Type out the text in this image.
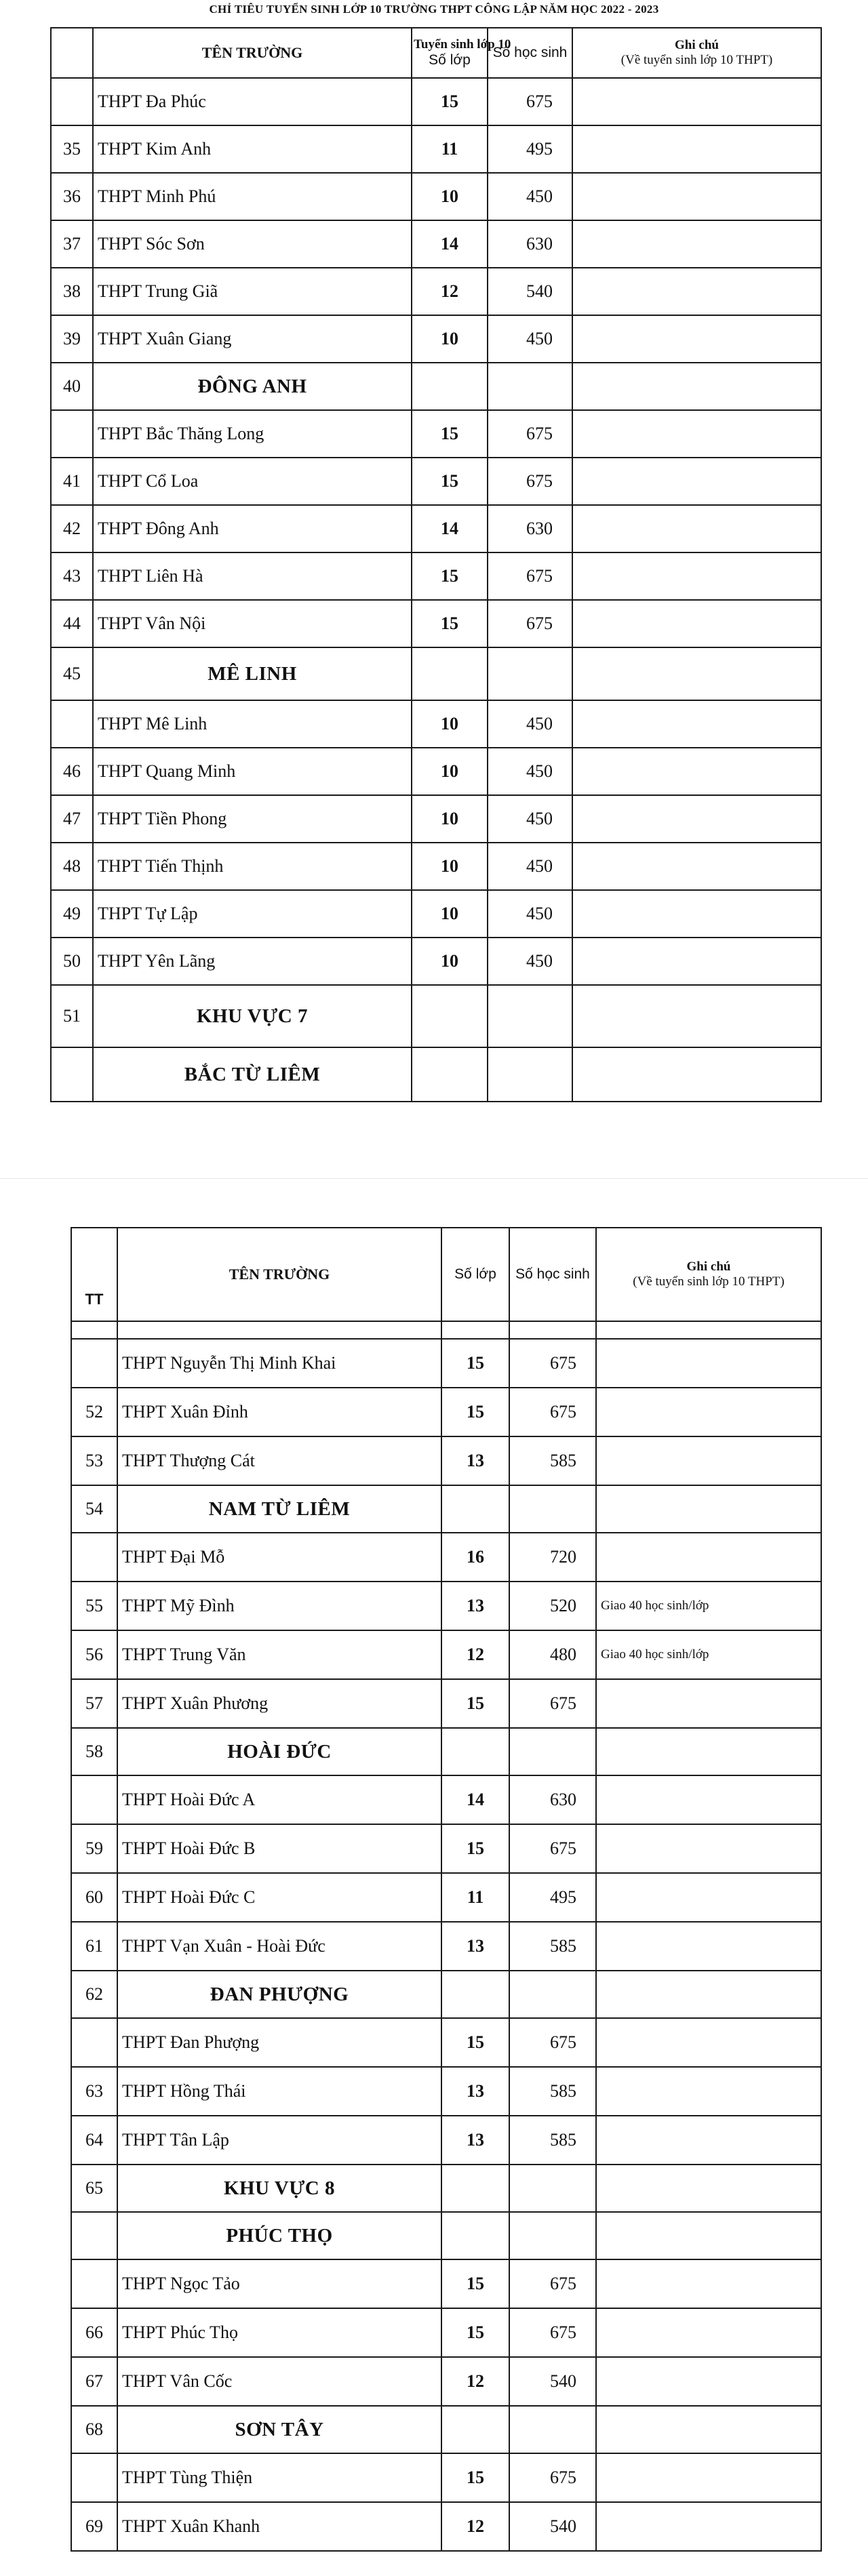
CHỈ TIÊU TUYỂN SINH LỚP 10 TRƯỜNG THPT CÔNG LẬP NĂM HỌC 2022 - 2023
	TÊN TRƯỜNG	Tuyển sinh lớp 10
Số lớp	Số học sinh	Ghi chú
(Về tuyển sinh lớp 10 THPT)

	THPT Đa Phúc	15	675	
35	THPT Kim Anh	11	495	
36	THPT Minh Phú	10	450	
37	THPT Sóc Sơn	14	630	
38	THPT Trung Giã	12	540	
39	THPT Xuân Giang	10	450	
40	ĐÔNG ANH			
	THPT Bắc Thăng Long	15	675	
41	THPT Cổ Loa	15	675	
42	THPT Đông Anh	14	630	
43	THPT Liên Hà	15	675	
44	THPT Vân Nội	15	675	
45	MÊ LINH			
	THPT Mê Linh	10	450	
46	THPT Quang Minh	10	450	
47	THPT Tiền Phong	10	450	
48	THPT Tiến Thịnh	10	450	
49	THPT Tự Lập	10	450	
50	THPT Yên Lãng	10	450	
51	KHU VỰC 7			
	BẮC TỪ LIÊM			
TT	TÊN TRƯỜNG	Số lớp	Số học sinh	Ghi chú
(Về tuyển sinh lớp 10 THPT)

	THPT Nguyễn Thị Minh Khai	15	675	
52	THPT Xuân Đỉnh	15	675	
53	THPT Thượng Cát	13	585	
54	NAM TỪ LIÊM			
	THPT Đại Mỗ	16	720	
55	THPT Mỹ Đình	13	520	Giao 40 học sinh/lớp
56	THPT Trung Văn	12	480	Giao 40 học sinh/lớp
57	THPT Xuân Phương	15	675	
58	HOÀI ĐỨC			
	THPT Hoài Đức A	14	630	
59	THPT Hoài Đức B	15	675	
60	THPT Hoài Đức C	11	495	
61	THPT Vạn Xuân - Hoài Đức	13	585	
62	ĐAN PHƯỢNG			
	THPT Đan Phượng	15	675	
63	THPT Hồng Thái	13	585	
64	THPT Tân Lập	13	585	
65	KHU VỰC 8			
	PHÚC THỌ			
	THPT Ngọc Tảo	15	675	
66	THPT Phúc Thọ	15	675	
67	THPT Vân Cốc	12	540	
68	SƠN TÂY			
	THPT Tùng Thiện	15	675	
69	THPT Xuân Khanh	12	540	
